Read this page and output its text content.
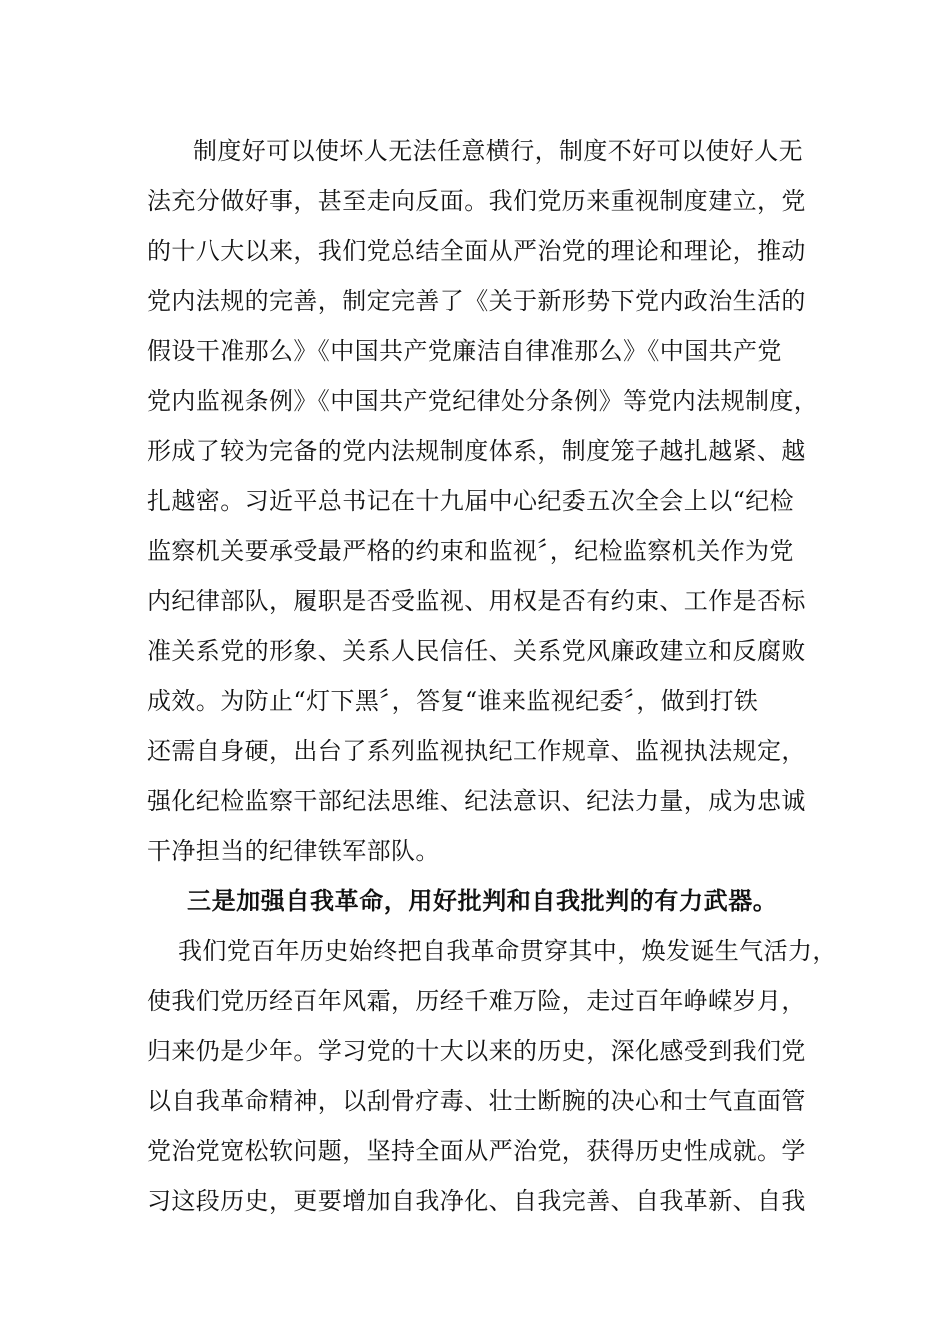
制度好可以使坏人无法任意横行，制度不好可以使好人无
法充分做好事，甚至走向反面。我们党历来重视制度建立，党
的十八大以来，我们党总结全面从严治党的理论和理论，推动
党内法规的完善，制定完善了《关于新形势下党内政治生活的
假设干准那么》《中国共产党廉洁自律准那么》《中国共产党
党内监视条例》《中国共产党纪律处分条例》等党内法规制度，
形成了较为完备的党内法规制度体系，制度笼子越扎越紧、越
扎越密。习近平总书记在十九届中心纪委五次全会上以“纪检
监察机关要承受最严格的约束和监视〞，纪检监察机关作为党
内纪律部队，履职是否受监视、用权是否有约束、工作是否标
准关系党的形象、关系人民信任、关系党风廉政建立和反腐败
成效。为防止“灯下黑〞，答复“谁来监视纪委〞，做到打铁
还需自身硬，出台了系列监视执纪工作规章、监视执法规定，
强化纪检监察干部纪法思维、纪法意识、纪法力量，成为忠诚
干净担当的纪律铁军部队。
三是加强自我革命，用好批判和自我批判的有力武器。
我们党百年历史始终把自我革命贯穿其中，焕发诞生气活力，
使我们党历经百年风霜，历经千难万险，走过百年峥嵘岁月，
归来仍是少年。学习党的十大以来的历史，深化感受到我们党
以自我革命精神，以刮骨疗毒、壮士断腕的决心和士气直面管
党治党宽松软问题，坚持全面从严治党，获得历史性成就。学
习这段历史，更要增加自我净化、自我完善、自我革新、自我
